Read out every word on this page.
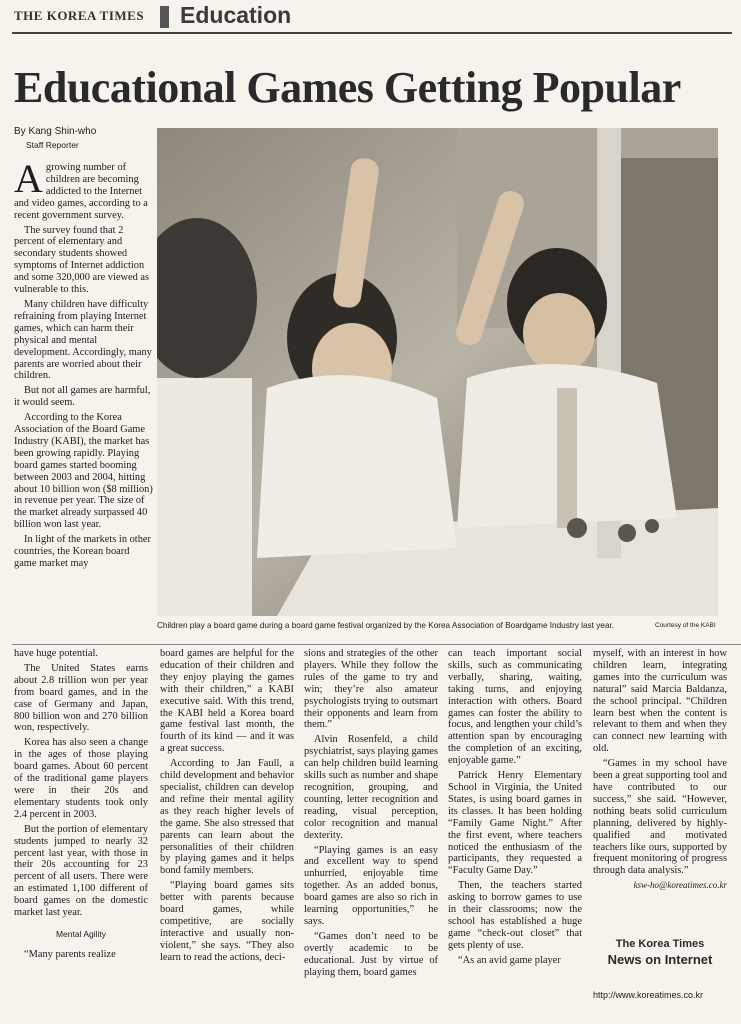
THE KOREA TIMES Education
Educational Games Getting Popular
By Kang Shin-who
Staff Reporter

Agrowing number of children are becoming addicted to the Internet and video games, according to a recent government survey.

The survey found that 2 percent of elementary and secondary students showed symptoms of Internet addiction and some 320,000 are viewed as vulnerable to this.

Many children have difficulty refraining from playing Internet games, which can harm their physical and mental development. Accordingly, many parents are worried about their children.

But not all games are harmful, it would seem.

According to the Korea Association of the Board Game Industry (KABI), the market has been growing rapidly. Playing board games started booming between 2003 and 2004, hitting about 10 billion won ($8 million) in revenue per year. The size of the market already surpassed 40 billion won last year.

In light of the markets in other countries, the Korean board game market may

Children play a board game during a board game festival organized by the Korea Association of Boardgame Industry last year.	Courtesy of the KABI

have huge potential.

The United States earns about 2.8 trillion won per year from board games, and in the case of Germany and Japan, 800 billion won and 270 billion won, respectively.

Korea has also seen a change in the ages of those playing board games. About 60 percent of the traditional game players were in their 20s and elementary students took only 2.4 percent in 2003.

But the portion of elementary students jumped to nearly 32 percent last year, with those in their 20s accounting for 23 percent of all users. There were an estimated 1,100 different of board games on the domestic market last year.

Mental Agility

“Many parents realize

board games are helpful for the education of their children and they enjoy playing the games with their children,” a KABI executive said. With this trend, the KABI held a Korea board game festival last month, the fourth of its kind — and it was a great success.

According to Jan Faull, a child development and behavior specialist, children can develop and refine their mental agility as they reach higher levels of the game. She also stressed that parents can learn about the personalities of their children by playing games and it helps bond family members.

“Playing board games sits better with parents because board games, while competitive, are socially interactive and usually non-violent,” she says. “They also learn to read the actions, deci-

sions and strategies of the other players. While they follow the rules of the game to try and win; they’re also amateur psychologists trying to outsmart their opponents and learn from them.”

Alvin Rosenfeld, a child psychiatrist, says playing games can help children build learning skills such as number and shape recognition, grouping, and counting, letter recognition and reading, visual perception, color recognition and manual dexterity.

“Playing games is an easy and excellent way to spend unhurried, enjoyable time together. As an added bonus, board games are also so rich in learning opportunities,” he says.

“Games don’t need to be overtly academic to be educational. Just by virtue of playing them, board games

can teach important social skills, such as communicating verbally, sharing, waiting, taking turns, and enjoying interaction with others. Board games can foster the ability to focus, and lengthen your child’s attention span by encouraging the completion of an exciting, enjoyable game.”

Patrick Henry Elementary School in Virginia, the United States, is using board games in its classes. It has been holding “Family Game Night.” After the first event, where teachers noticed the enthusiasm of the participants, they requested a “Faculty Game Day.”

Then, the teachers started asking to borrow games to use in their classrooms; now the school has established a huge game “check-out closet” that gets plenty of use.

“As an avid game player

myself, with an interest in how children learn, integrating games into the curriculum was natural” said Marcia Baldanza, the school principal. “Children learn best when the content is relevant to them and when they can connect new learning with old.

“Games in my school have been a great supporting tool and have contributed to our success,” she said. “However, nothing beats solid curriculum planning, delivered by highly-qualified and motivated teachers like ours, supported by frequent monitoring of progress through data analysis.”

ksw-ho@koreatimes.co.kr

The Korea Times
News on Internet
http://www.koreatimes.co.kr
